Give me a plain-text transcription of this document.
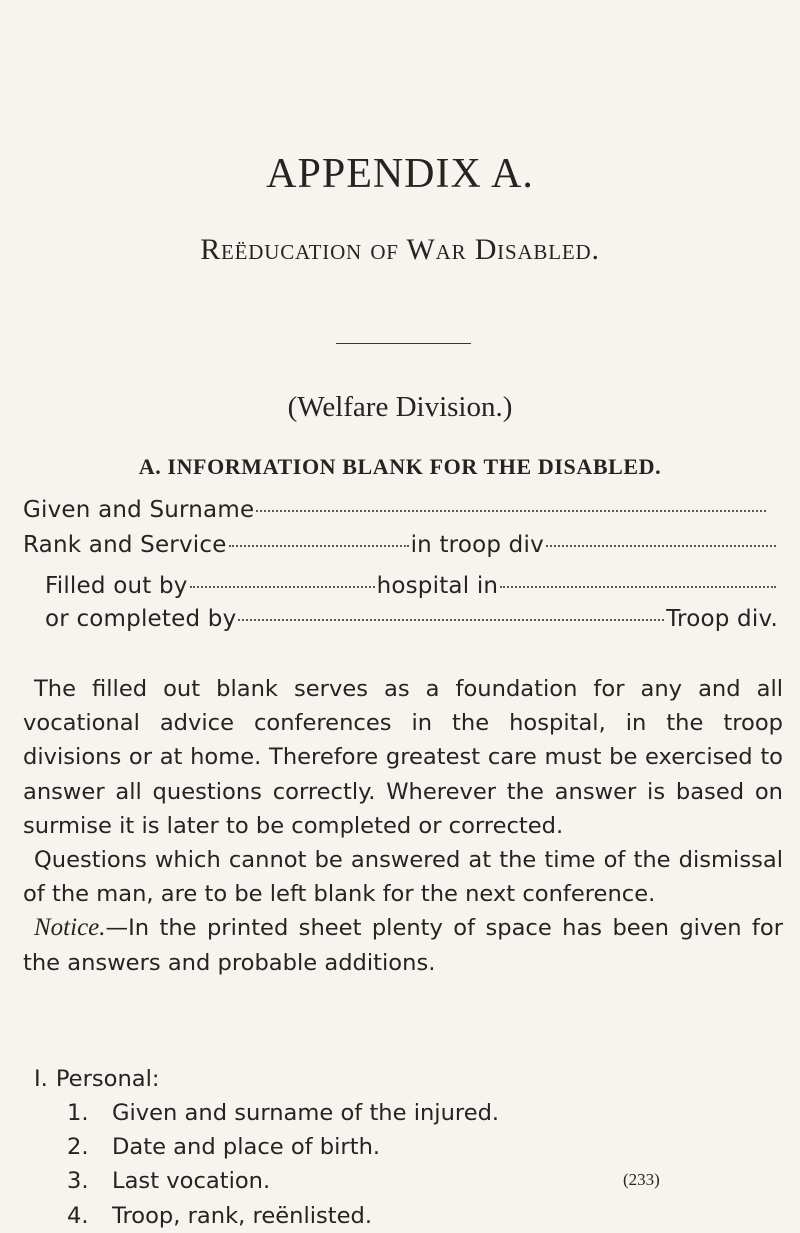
APPENDIX A.
Reëducation of War Disabled.
(Welfare Division.)
A. INFORMATION BLANK FOR THE DISABLED.
Given and Surname
Rank and Service	in troop div
Filled out by	hospital in
or completed by	Troop div.

The filled out blank serves as a foundation for any and all vocational advice conferences in the hospital, in the troop divisions or at home. Therefore greatest care must be exercised to answer all questions correctly. Wherever the answer is based on surmise it is later to be completed or corrected.

Questions which cannot be answered at the time of the dismissal of the man, are to be left blank for the next conference.

Notice.—In the printed sheet plenty of space has been given for the answers and probable additions.

I. Personal:
1.	Given and surname of the injured.
2.	Date and place of birth.
3.	Last vocation.
4.	Troop, rank, reënlisted.
(233)
